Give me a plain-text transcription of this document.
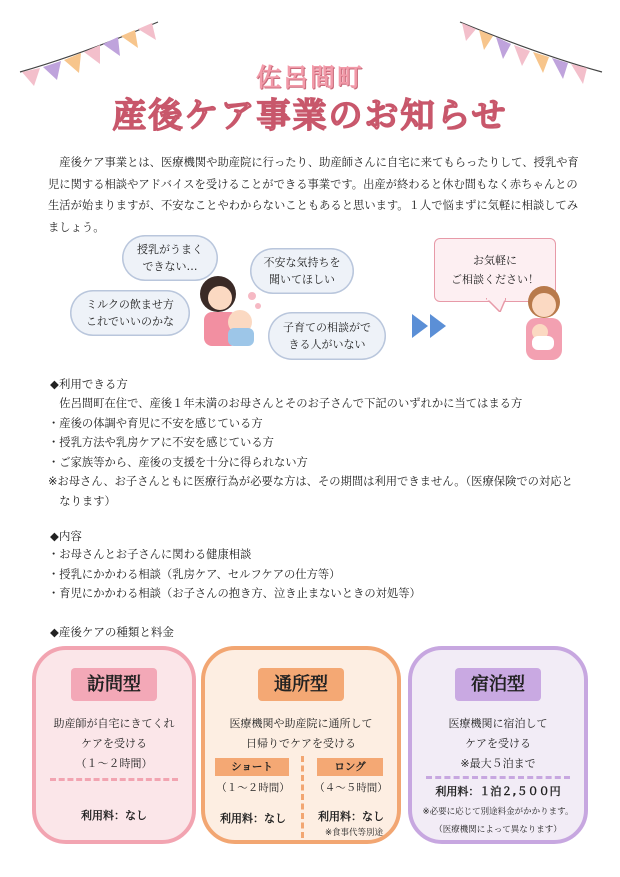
佐呂間町
産後ケア事業のお知らせ

産後ケア事業とは、医療機関や助産院に行ったり、助産師さんに自宅に来てもらったりして、授乳や育児に関する相談やアドバイスを受けることができる事業です。出産が終わると休む間もなく赤ちゃんとの生活が始まりますが、不安なことやわからないこともあると思います。１人で悩まずに気軽に相談してみましょう。

授乳がうまく
できない…	不安な気持ちを
聞いてほしい
ミルクの飲ませ方
これでいいのかな	子育ての相談がで
きる人がいない
お気軽に
ご相談ください！
◆利用できる方
　佐呂間町在住で、産後１年未満のお母さんとそのお子さんで下記のいずれかに当てはまる方
・産後の体調や育児に不安を感じている方
・授乳方法や乳房ケアに不安を感じている方
・ご家族等から、産後の支援を十分に得られない方
※お母さん、お子さんともに医療行為が必要な方は、その期間は利用できません。（医療保険での対応と
　なります）
◆内容
・お母さんとお子さんに関わる健康相談
・授乳にかかわる相談（乳房ケア、セルフケアの仕方等）
・育児にかかわる相談（お子さんの抱き方、泣き止まないときの対処等）
◆産後ケアの種類と料金
訪問型
助産師が自宅にきてくれ
ケアを受ける
（１～２時間）
利用料：なし
通所型
医療機関や助産院に通所して
日帰りでケアを受ける
ショート	ロング
（１～２時間）	（４～５時間）
利用料：なし	利用料：なし
※食事代等別途
宿泊型
医療機関に宿泊して
ケアを受ける
※最大５泊まで
利用料：１泊２,５００円
※必要に応じて別途料金がかかります。
（医療機関によって異なります）
